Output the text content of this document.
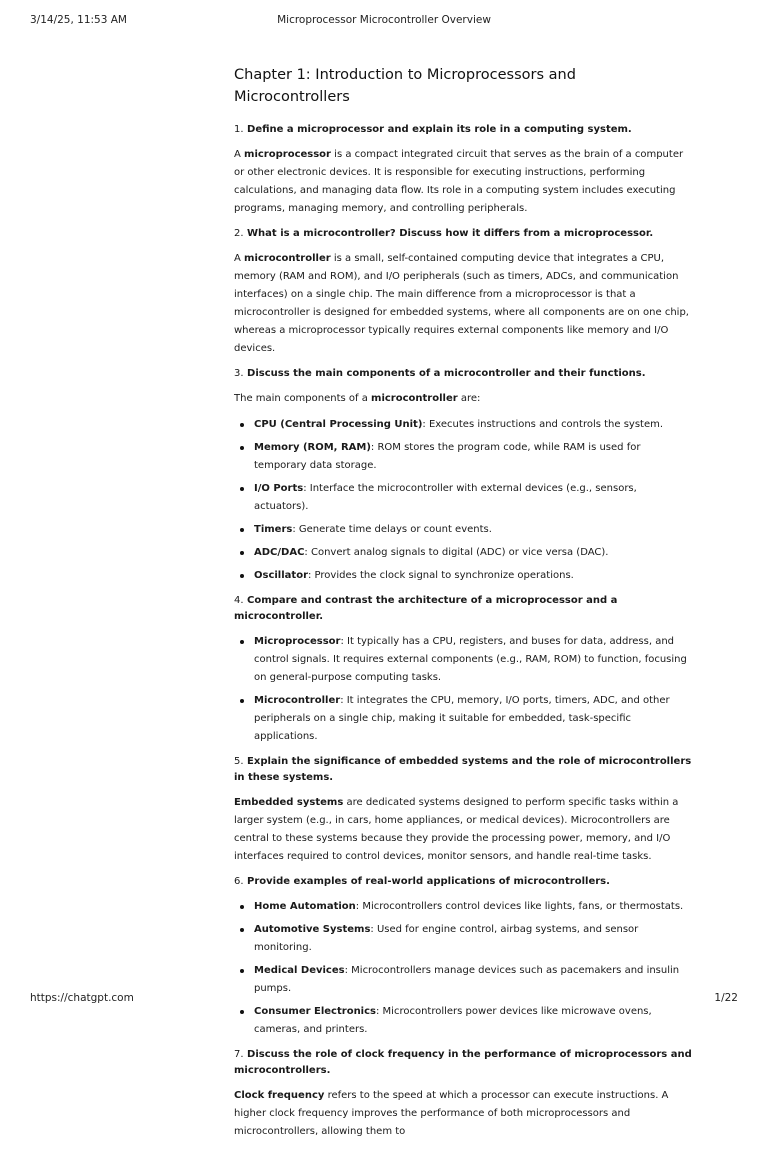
3/14/25, 11:53 AM	Microprocessor Microcontroller Overview
Chapter 1: Introduction to Microprocessors and Microcontrollers
1. Define a microprocessor and explain its role in a computing system.

A microprocessor is a compact integrated circuit that serves as the brain of a computer or other electronic devices. It is responsible for executing instructions, performing calculations, and managing data flow. Its role in a computing system includes executing programs, managing memory, and controlling peripherals.

2. What is a microcontroller? Discuss how it differs from a microprocessor.

A microcontroller is a small, self-contained computing device that integrates a CPU, memory (RAM and ROM), and I/O peripherals (such as timers, ADCs, and communication interfaces) on a single chip. The main difference from a microprocessor is that a microcontroller is designed for embedded systems, where all components are on one chip, whereas a microprocessor typically requires external components like memory and I/O devices.

3. Discuss the main components of a microcontroller and their functions.

The main components of a microcontroller are:

CPU (Central Processing Unit): Executes instructions and controls the system.
Memory (ROM, RAM): ROM stores the program code, while RAM is used for temporary data storage.
I/O Ports: Interface the microcontroller with external devices (e.g., sensors, actuators).
Timers: Generate time delays or count events.
ADC/DAC: Convert analog signals to digital (ADC) or vice versa (DAC).
Oscillator: Provides the clock signal to synchronize operations.
4. Compare and contrast the architecture of a microprocessor and a microcontroller.
Microprocessor: It typically has a CPU, registers, and buses for data, address, and control signals. It requires external components (e.g., RAM, ROM) to function, focusing on general-purpose computing tasks.
Microcontroller: It integrates the CPU, memory, I/O ports, timers, ADC, and other peripherals on a single chip, making it suitable for embedded, task-specific applications.
5. Explain the significance of embedded systems and the role of microcontrollers in these systems.

Embedded systems are dedicated systems designed to perform specific tasks within a larger system (e.g., in cars, home appliances, or medical devices). Microcontrollers are central to these systems because they provide the processing power, memory, and I/O interfaces required to control devices, monitor sensors, and handle real-time tasks.

6. Provide examples of real-world applications of microcontrollers.
Home Automation: Microcontrollers control devices like lights, fans, or thermostats.
Automotive Systems: Used for engine control, airbag systems, and sensor monitoring.
Medical Devices: Microcontrollers manage devices such as pacemakers and insulin pumps.
Consumer Electronics: Microcontrollers power devices like microwave ovens, cameras, and printers.
7. Discuss the role of clock frequency in the performance of microprocessors and microcontrollers.

Clock frequency refers to the speed at which a processor can execute instructions. A higher clock frequency improves the performance of both microprocessors and microcontrollers, allowing them to

https://chatgpt.com	1/22
